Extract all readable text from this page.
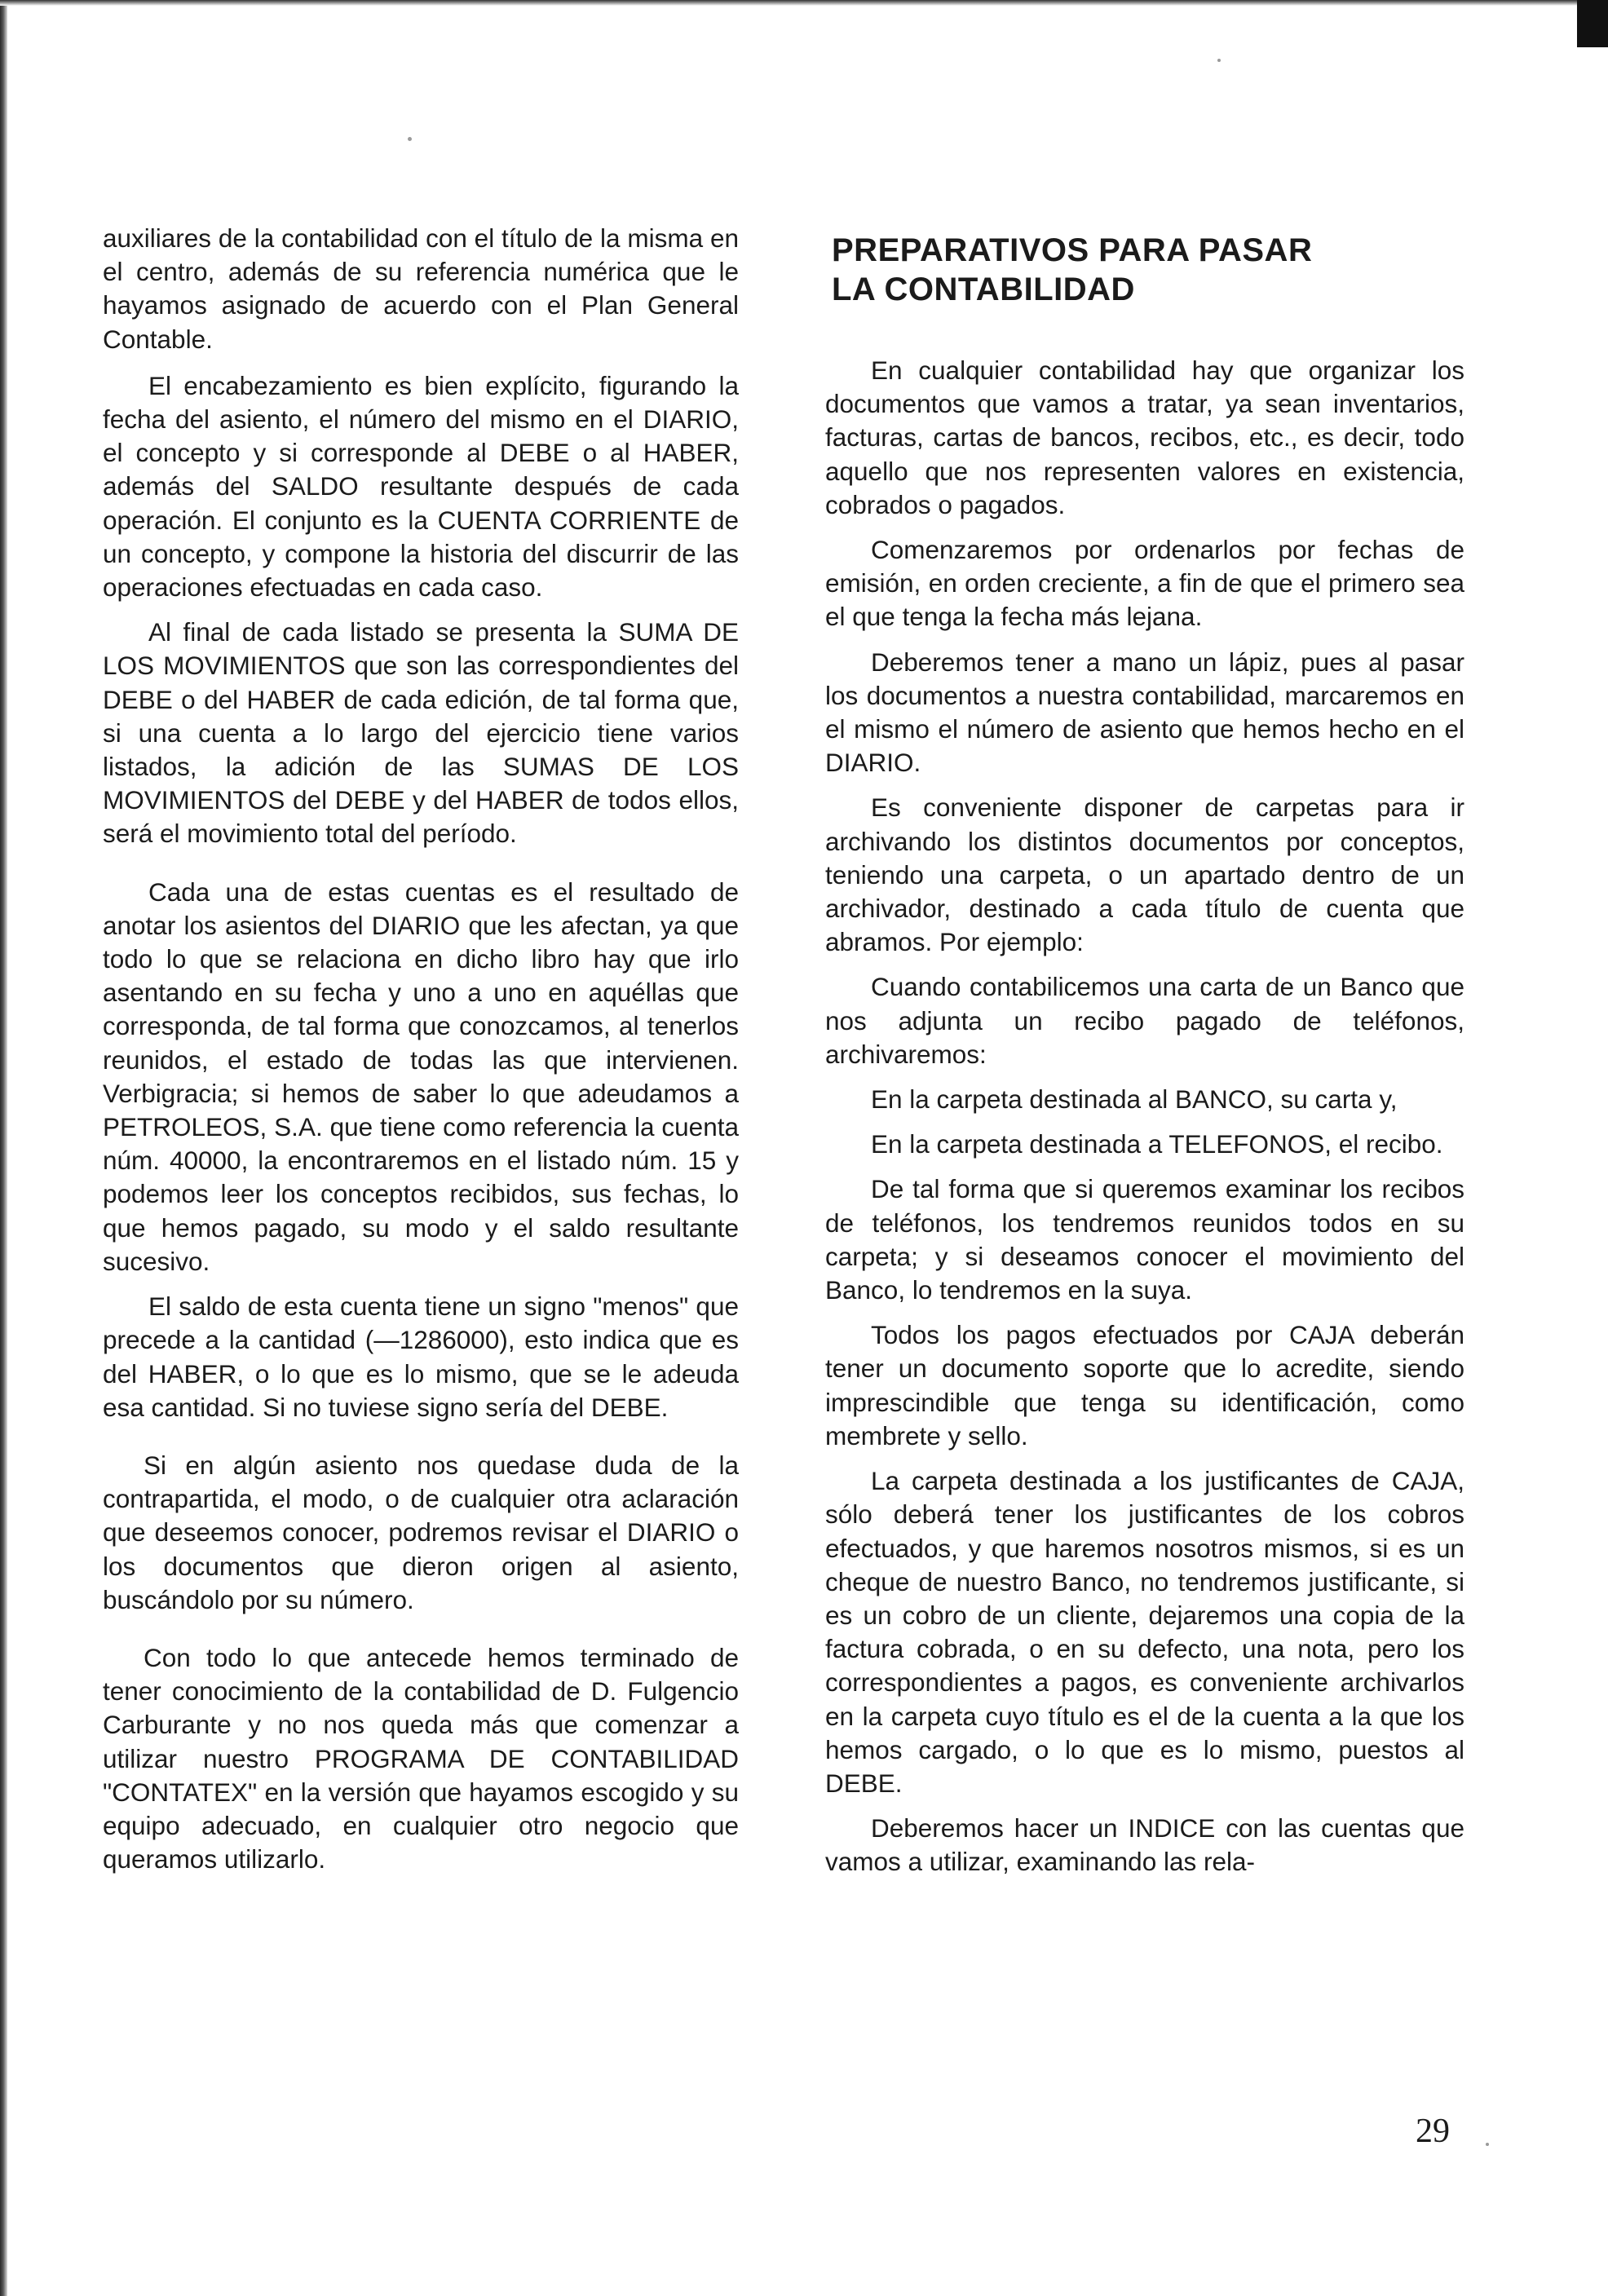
auxiliares de la contabilidad con el título de la misma en el centro, además de su referencia numérica que le hayamos asignado de acuerdo con el Plan General Contable.

El encabezamiento es bien explícito, figurando la fecha del asiento, el número del mismo en el DIARIO, el concepto y si corresponde al DEBE o al HABER, además del SALDO resultante después de cada operación. El conjunto es la CUENTA CORRIENTE de un concepto, y compone la historia del discurrir de las operaciones efectuadas en cada caso.

Al final de cada listado se presenta la SUMA DE LOS MOVIMIENTOS que son las correspondientes del DEBE o del HABER de cada edición, de tal forma que, si una cuenta a lo largo del ejercicio tiene varios listados, la adición de las SUMAS DE LOS MOVIMIENTOS del DEBE y del HABER de todos ellos, será el movimiento total del período.

Cada una de estas cuentas es el resultado de anotar los asientos del DIARIO que les afectan, ya que todo lo que se relaciona en dicho libro hay que irlo asentando en su fecha y uno a uno en aquéllas que corresponda, de tal forma que conozcamos, al tenerlos reunidos, el estado de todas las que intervienen. Verbigracia; si hemos de saber lo que adeudamos a PETROLEOS, S.A. que tiene como referencia la cuenta núm. 40000, la encontraremos en el listado núm. 15 y podemos leer los conceptos recibidos, sus fechas, lo que hemos pagado, su modo y el saldo resultante sucesivo.

El saldo de esta cuenta tiene un signo "menos" que precede a la cantidad (—1286000), esto indica que es del HABER, o lo que es lo mismo, que se le adeuda esa cantidad. Si no tuviese signo sería del DEBE.

Si en algún asiento nos quedase duda de la contrapartida, el modo, o de cualquier otra aclaración que deseemos conocer, podremos revisar el DIARIO o los documentos que dieron origen al asiento, buscándolo por su número.

Con todo lo que antecede hemos terminado de tener conocimiento de la contabilidad de D. Fulgencio Carburante y no nos queda más que comenzar a utilizar nuestro PROGRAMA DE CONTABILIDAD "CONTATEX" en la versión que hayamos escogido y su equipo adecuado, en cualquier otro negocio que queramos utilizarlo.

PREPARATIVOS PARA PASAR
LA CONTABILIDAD

En cualquier contabilidad hay que organizar los documentos que vamos a tratar, ya sean inventarios, facturas, cartas de bancos, recibos, etc., es decir, todo aquello que nos representen valores en existencia, cobrados o pagados.

Comenzaremos por ordenarlos por fechas de emisión, en orden creciente, a fin de que el primero sea el que tenga la fecha más lejana.

Deberemos tener a mano un lápiz, pues al pasar los documentos a nuestra contabilidad, marcaremos en el mismo el número de asiento que hemos hecho en el DIARIO.

Es conveniente disponer de carpetas para ir archivando los distintos documentos por conceptos, teniendo una carpeta, o un apartado dentro de un archivador, destinado a cada título de cuenta que abramos. Por ejemplo:

Cuando contabilicemos una carta de un Banco que nos adjunta un recibo pagado de teléfonos, archivaremos:

En la carpeta destinada al BANCO, su carta y,

En la carpeta destinada a TELEFONOS, el recibo.

De tal forma que si queremos examinar los recibos de teléfonos, los tendremos reunidos todos en su carpeta; y si deseamos conocer el movimiento del Banco, lo tendremos en la suya.

Todos los pagos efectuados por CAJA deberán tener un documento soporte que lo acredite, siendo imprescindible que tenga su identificación, como membrete y sello.

La carpeta destinada a los justificantes de CAJA, sólo deberá tener los justificantes de los cobros efectuados, y que haremos nosotros mismos, si es un cheque de nuestro Banco, no tendremos justificante, si es un cobro de un cliente, dejaremos una copia de la factura cobrada, o en su defecto, una nota, pero los correspondientes a pagos, es conveniente archivarlos en la carpeta cuyo título es el de la cuenta a la que los hemos cargado, o lo que es lo mismo, puestos al DEBE.

Deberemos hacer un INDICE con las cuentas que vamos a utilizar, examinando las rela-

29
